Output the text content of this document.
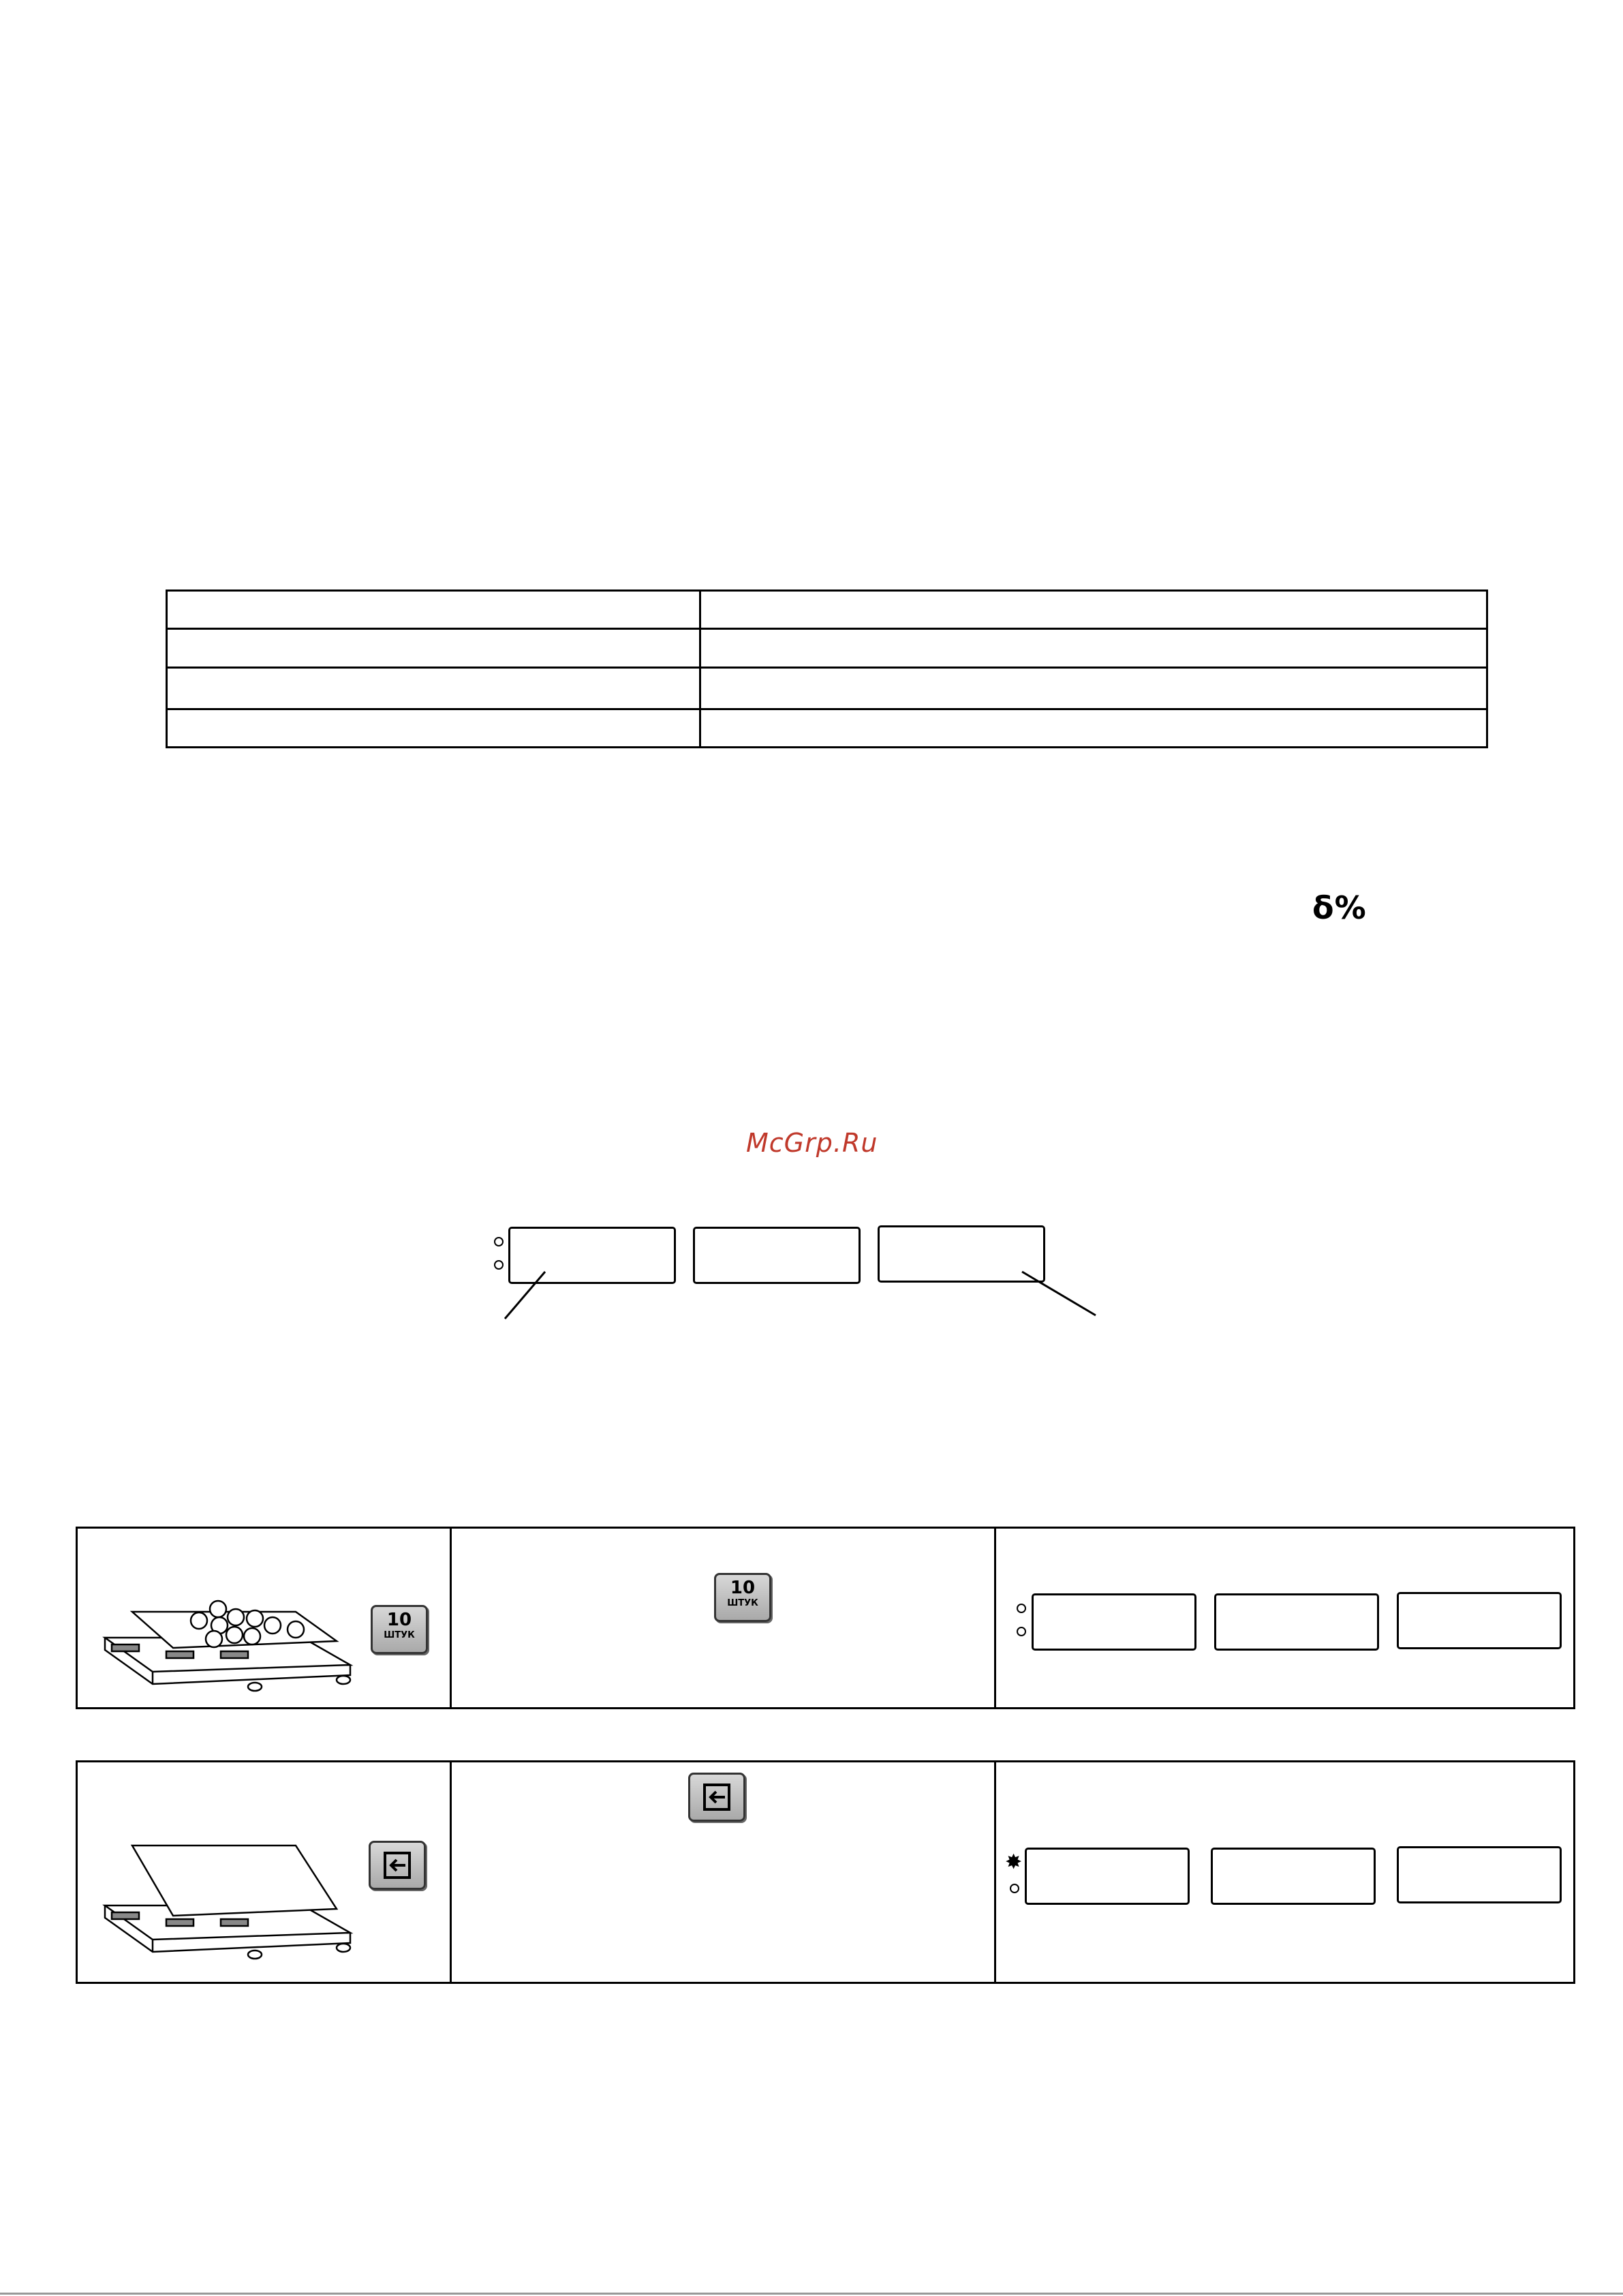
δ%
McGrp.Ru
10
ШТУК

10
ШТУК

✸
